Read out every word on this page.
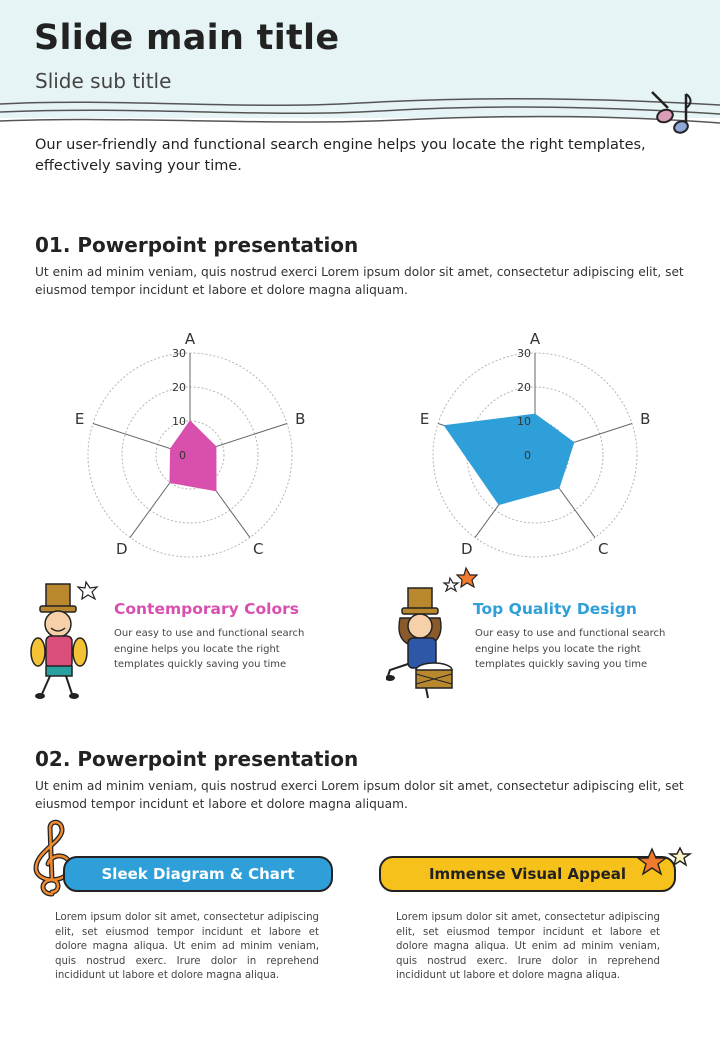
Slide main title
Slide sub title
Our user-friendly and functional search engine helps you locate the right templates, effectively saving your time.
01. Powerpoint presentation
Ut enim ad minim veniam, quis nostrud exerci Lorem ipsum dolor sit amet, consectetur adipiscing elit, set eiusmod tempor incidunt et labore et dolore magna aliquam.
0
10
20
30
A
B
C
D
E
0
10
20
30
A
B
C
D
E
Contemporary Colors
Our easy to use and functional search engine helps you locate the right templates quickly saving you time
Top Quality Design
Our easy to use and functional search engine helps you locate the right templates quickly saving you time
02. Powerpoint presentation
Ut enim ad minim veniam, quis nostrud exerci Lorem ipsum dolor sit amet, consectetur adipiscing elit, set eiusmod tempor incidunt et labore et dolore magna aliquam.
Sleek Diagram & Chart	Immense Visual Appeal
Lorem ipsum dolor sit amet, consectetur adipiscing elit, set eiusmod tempor incidunt et labore et dolore magna aliqua. Ut enim ad minim veniam, quis nostrud exerc. Irure dolor in reprehend incididunt ut labore et dolore magna aliqua.
Lorem ipsum dolor sit amet, consectetur adipiscing elit, set eiusmod tempor incidunt et labore et dolore magna aliqua. Ut enim ad minim veniam, quis nostrud exerc. Irure dolor in reprehend incididunt ut labore et dolore magna aliqua.
